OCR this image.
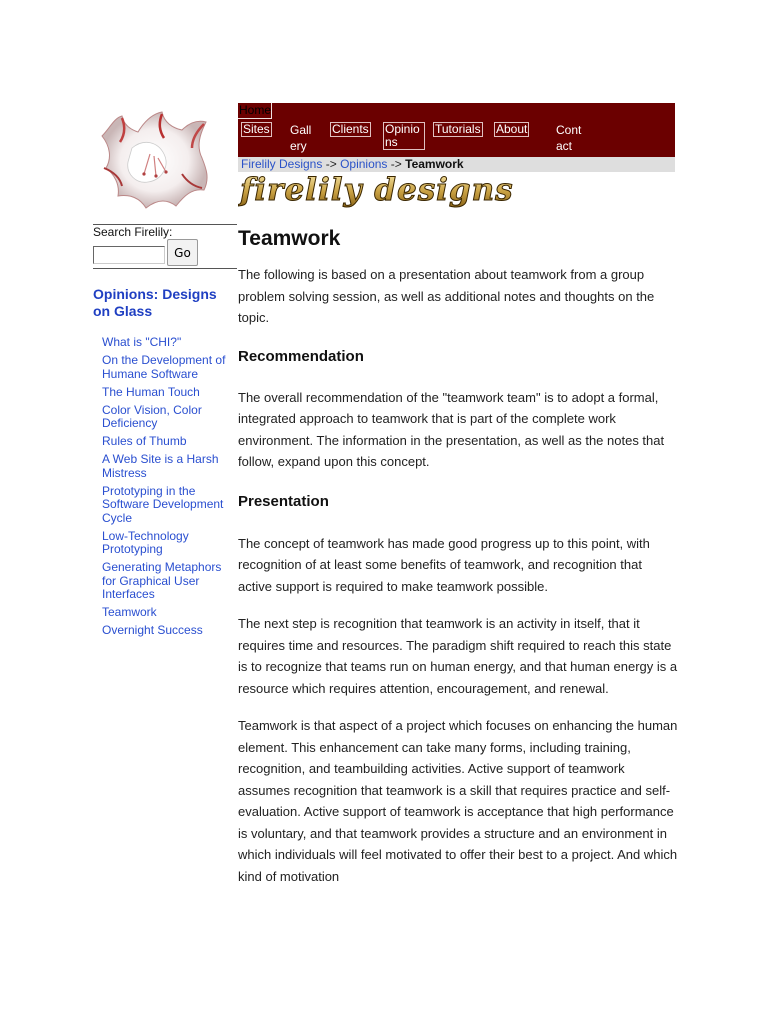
Home
Sites Gall ery
Clients Opinio ns
Tutorials About Cont act
Firelily Designs -> Opinions -> Teamwork
firelily designs
Search Firelily:
Go
Opinions: Designs on Glass
What is "CHI?"
On the Development of Humane Software
The Human Touch
Color Vision, Color Deficiency
Rules of Thumb
A Web Site is a Harsh Mistress
Prototyping in the Software Development Cycle
Low-Technology Prototyping
Generating Metaphors for Graphical User Interfaces
Teamwork
Overnight Success
Teamwork

The following is based on a presentation about teamwork from a group problem solving session, as well as additional notes and thoughts on the topic.

Recommendation

The overall recommendation of the "teamwork team" is to adopt a formal, integrated approach to teamwork that is part of the complete work environment. The information in the presentation, as well as the notes that follow, expand upon this concept.

Presentation

The concept of teamwork has made good progress up to this point, with recognition of at least some benefits of teamwork, and recognition that active support is required to make teamwork possible.

The next step is recognition that teamwork is an activity in itself, that it requires time and resources. The paradigm shift required to reach this state is to recognize that teams run on human energy, and that human energy is a resource which requires attention, encouragement, and renewal.

Teamwork is that aspect of a project which focuses on enhancing the human element. This enhancement can take many forms, including training, recognition, and teambuilding activities. Active support of teamwork assumes recognition that teamwork is a skill that requires practice and self-evaluation. Active support of teamwork is acceptance that high performance is voluntary, and that teamwork provides a structure and an environment in which individuals will feel motivated to offer their best to a project. And which kind of motivation
